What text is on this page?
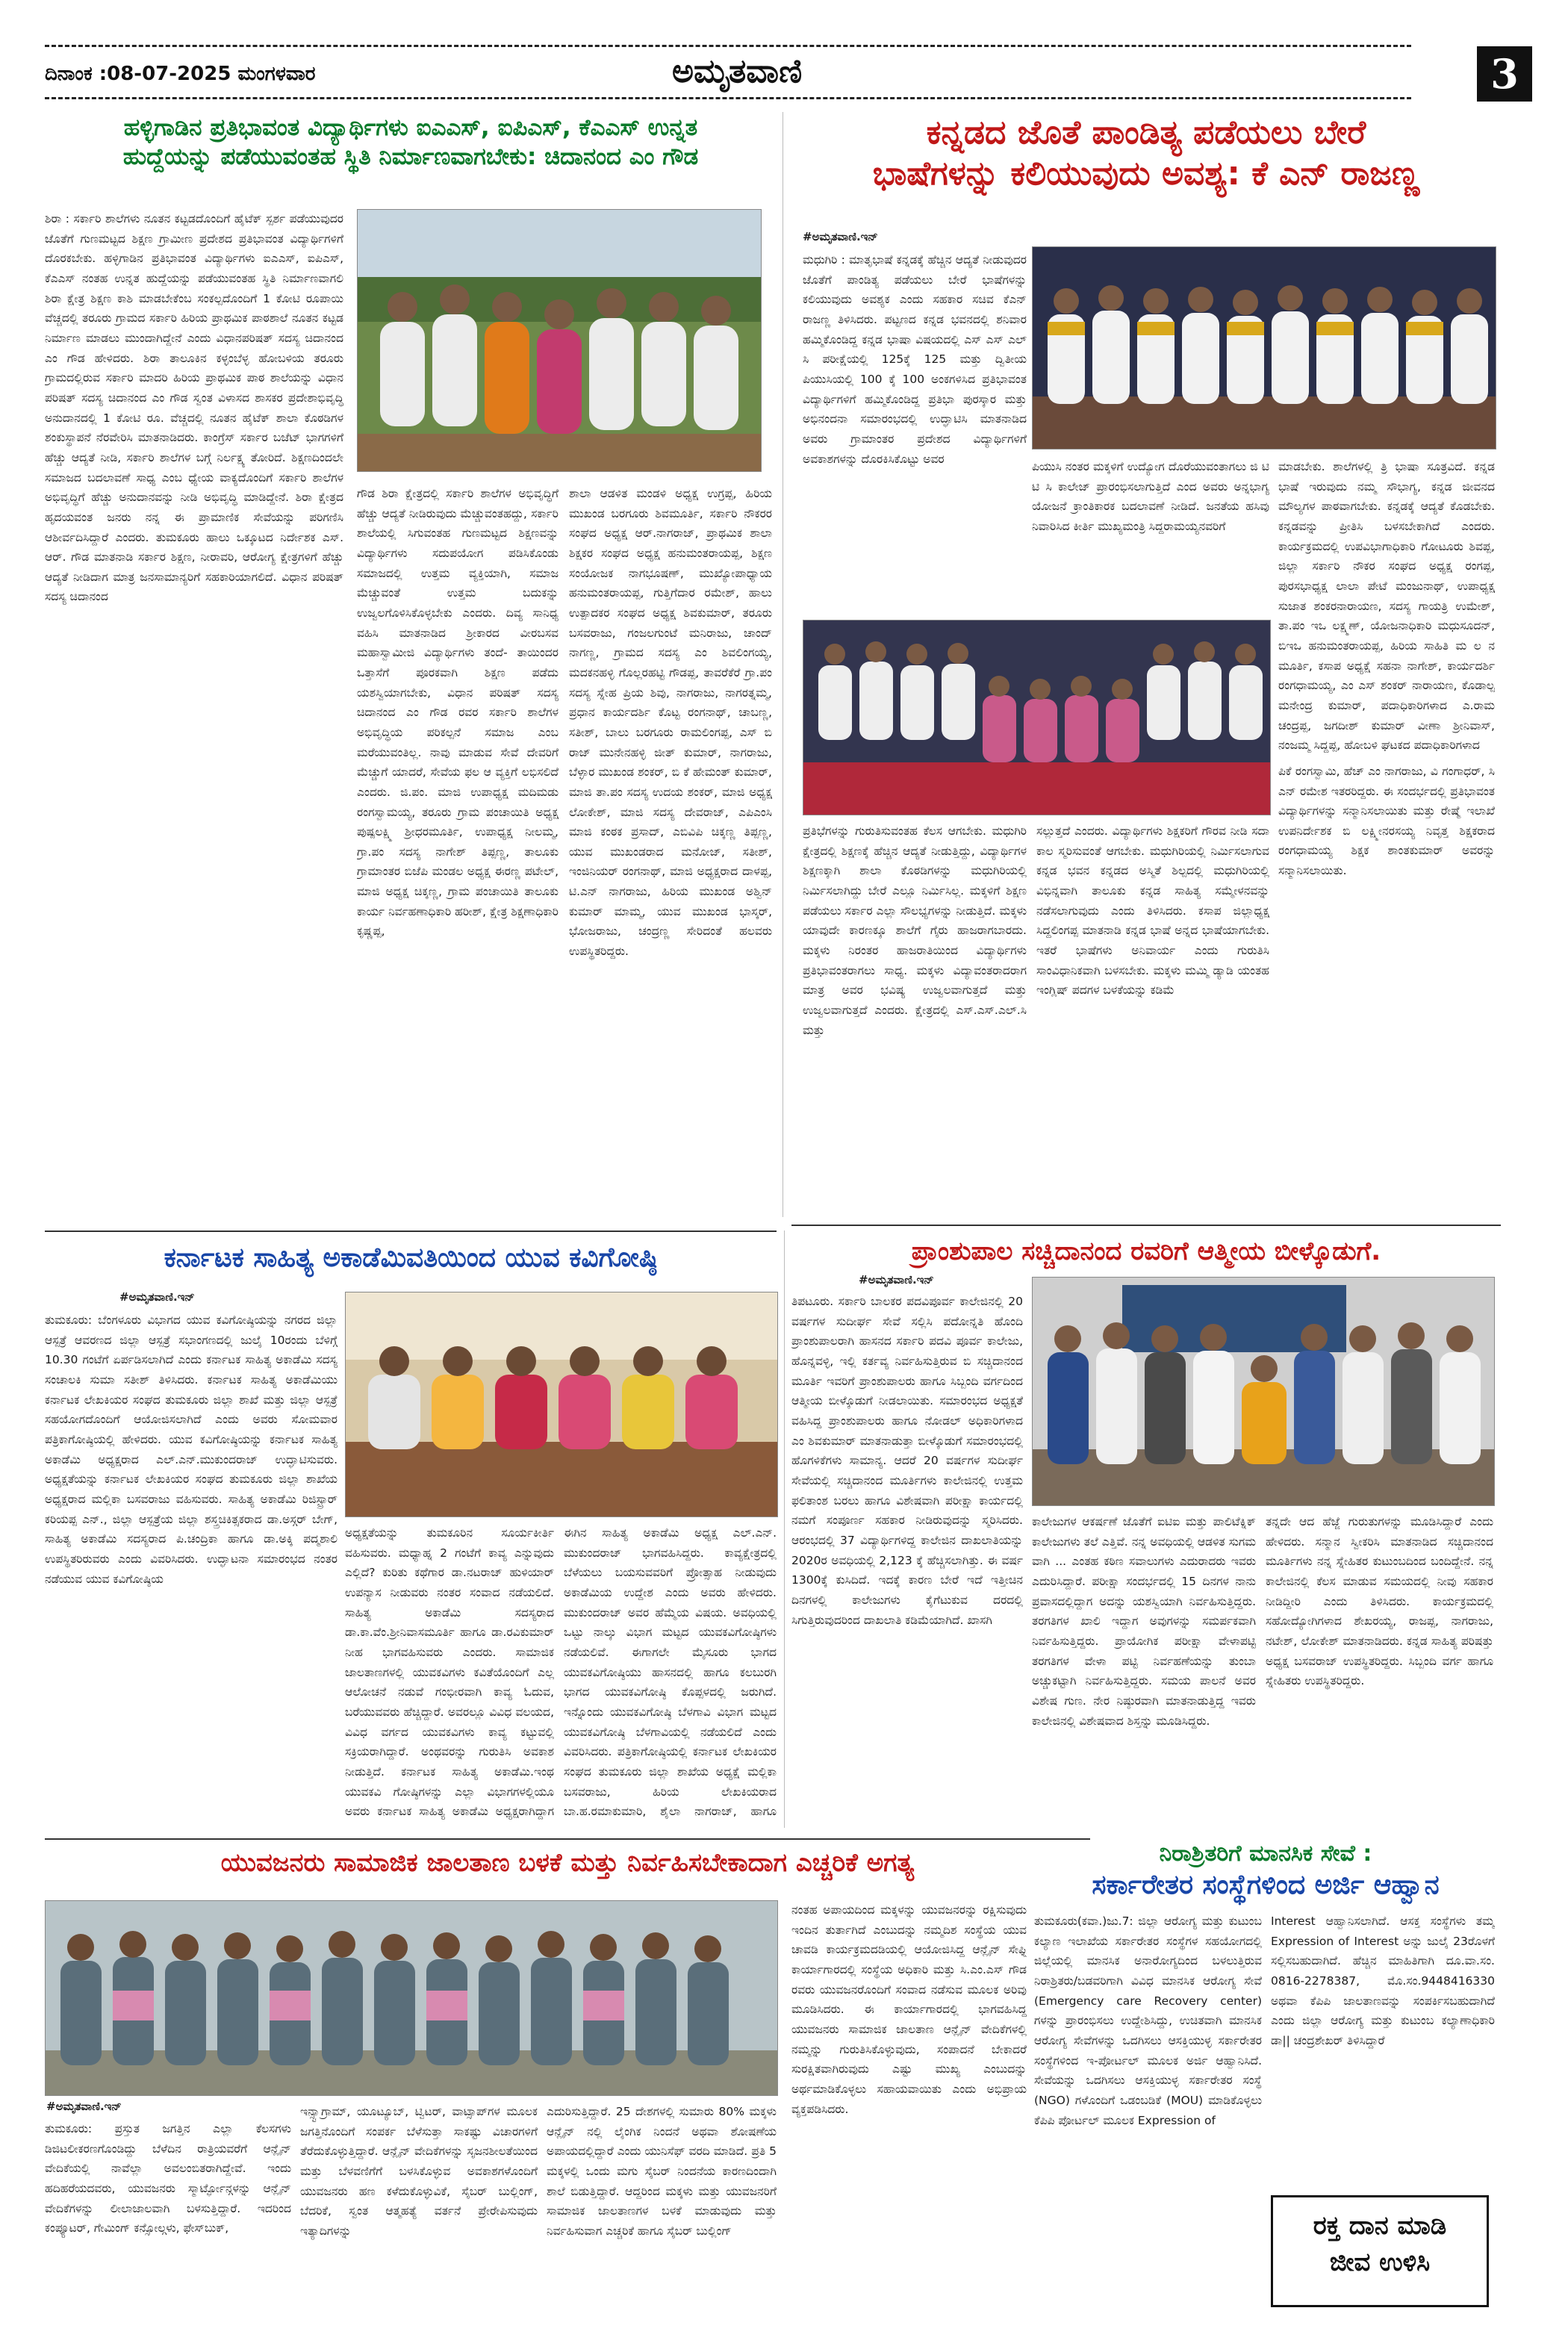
ದಿನಾಂಕ :08-07-2025 ಮಂಗಳವಾರ	ಅಮೃತವಾಣಿ	3
ಹಳ್ಳಿಗಾಡಿನ ಪ್ರತಿಭಾವಂತ ವಿದ್ಯಾರ್ಥಿಗಳು ಐಎಎಸ್, ಐಪಿಎಸ್, ಕೆಎಎಸ್ ಉನ್ನತ
ಹುದ್ದೆಯನ್ನು ಪಡೆಯುವಂತಹ ಸ್ಥಿತಿ ನಿರ್ಮಾಣವಾಗಬೇಕು: ಚಿದಾನಂದ ಎಂ ಗೌಡ
ಶಿರಾ : ಸರ್ಕಾರಿ ಶಾಲೆಗಳು ನೂತನ ಕಟ್ಟಡದೊಂದಿಗೆ ಹೈಟೆಕ್ ಸ್ಪರ್ಶ ಪಡೆಯುವುದರ ಜೊತೆಗೆ ಗುಣಮಟ್ಟದ ಶಿಕ್ಷಣ ಗ್ರಾಮೀಣ ಪ್ರದೇಶದ ಪ್ರತಿಭಾವಂತ ವಿದ್ಯಾರ್ಥಿಗಳಿಗೆ ದೊರಕಬೇಕು. ಹಳ್ಳಿಗಾಡಿನ ಪ್ರತಿಭಾವಂತ ವಿದ್ಯಾರ್ಥಿಗಳು ಐಎಎಸ್, ಐಪಿಎಸ್, ಕೆಎಎಸ್ ನಂತಹ ಉನ್ನತ ಹುದ್ದೆಯನ್ನು ಪಡೆಯುವಂತಹ ಸ್ಥಿತಿ ನಿರ್ಮಾಣವಾಗಲಿ ಶಿರಾ ಕ್ಷೇತ್ರ ಶಿಕ್ಷಣ ಕಾಶಿ ಮಾಡಬೇಕೆಂಬ ಸಂಕಲ್ಪದೊಂದಿಗೆ 1 ಕೋಟಿ ರೂಪಾಯಿ ವೆಚ್ಚದಲ್ಲಿ ತರೂರು ಗ್ರಾಮದ ಸರ್ಕಾರಿ ಹಿರಿಯ ಪ್ರಾಥಮಿಕ ಪಾಠಶಾಲೆ ನೂತನ ಕಟ್ಟಡ ನಿರ್ಮಾಣ ಮಾಡಲು ಮುಂದಾಗಿದ್ದೇನೆ ಎಂದು ವಿಧಾನಪರಿಷತ್ ಸದಸ್ಯ ಚಿದಾನಂದ ಎಂ ಗೌಡ ಹೇಳಿದರು. ಶಿರಾ ತಾಲೂಕಿನ ಕಳ್ಳಂಬೆಳ್ಳ ಹೋಬಳಿಯ ತರೂರು ಗ್ರಾಮದಲ್ಲಿರುವ ಸರ್ಕಾರಿ ಮಾದರಿ ಹಿರಿಯ ಪ್ರಾಥಮಿಕ ಪಾಠ ಶಾಲೆಯನ್ನು ವಿಧಾನ ಪರಿಷತ್ ಸದಸ್ಯ ಚಿದಾನಂದ ಎಂ ಗೌಡ ಸ್ವಂತ ವಿಳಾಸದ ಶಾಸಕರ ಪ್ರದೇಶಾಭಿವೃದ್ಧಿ ಅನುದಾನದಲ್ಲಿ 1 ಕೋಟಿ ರೂ. ವೆಚ್ಚದಲ್ಲಿ ನೂತನ ಹೈಟೆಕ್ ಶಾಲಾ ಕೊಠಡಿಗಳ ಶಂಕುಸ್ಥಾಪನೆ ನೆರವೇರಿಸಿ ಮಾತನಾಡಿದರು. ಕಾಂಗ್ರೆಸ್ ಸರ್ಕಾರ ಬಜೆಟ್ ಭಾಗಗಳಿಗೆ ಹೆಚ್ಚು ಆದ್ಯತೆ ನೀಡಿ, ಸರ್ಕಾರಿ ಶಾಲೆಗಳ ಬಗ್ಗೆ ನಿರ್ಲಕ್ಷ್ಯ ತೋರಿದೆ. ಶಿಕ್ಷಣದಿಂದಲೇ ಸಮಾಜದ ಬದಲಾವಣೆ ಸಾಧ್ಯ ಎಂಬ ಧ್ಯೇಯ ವಾಕ್ಯದೊಂದಿಗೆ ಸರ್ಕಾರಿ ಶಾಲೆಗಳ ಅಭಿವೃದ್ಧಿಗೆ ಹೆಚ್ಚು ಅನುದಾನವನ್ನು ನೀಡಿ ಅಭಿವೃದ್ಧಿ ಮಾಡಿದ್ದೇನೆ. ಶಿರಾ ಕ್ಷೇತ್ರದ ಹೃದಯವಂತ ಜನರು ನನ್ನ ಈ ಪ್ರಾಮಾಣಿಕ ಸೇವೆಯನ್ನು ಪರಿಗಣಿಸಿ ಆಶೀರ್ವದಿಸಿದ್ದಾರೆ ಎಂದರು. ತುಮಕೂರು ಹಾಲು ಒಕ್ಕೂಟದ ನಿರ್ದೇಶಕ ಎಸ್. ಆರ್. ಗೌಡ ಮಾತನಾಡಿ ಸರ್ಕಾರ ಶಿಕ್ಷಣ, ನೀರಾವರಿ, ಆರೋಗ್ಯ ಕ್ಷೇತ್ರಗಳಿಗೆ ಹೆಚ್ಚು ಆದ್ಯತೆ ನೀಡಿದಾಗ ಮಾತ್ರ ಜನಸಾಮಾನ್ಯರಿಗೆ ಸಹಕಾರಿಯಾಗಲಿದೆ. ವಿಧಾನ ಪರಿಷತ್ ಸದಸ್ಯ ಚಿದಾನಂದ
ಗೌಡ ಶಿರಾ ಕ್ಷೇತ್ರದಲ್ಲಿ ಸರ್ಕಾರಿ ಶಾಲೆಗಳ ಅಭಿವೃದ್ಧಿಗೆ ಹೆಚ್ಚು ಆದ್ಯತೆ ನೀಡಿರುವುದು ಮೆಚ್ಚುವಂತಹದ್ದು, ಸರ್ಕಾರಿ ಶಾಲೆಯಲ್ಲಿ ಸಿಗುವಂತಹ ಗುಣಮಟ್ಟದ ಶಿಕ್ಷಣವನ್ನು ವಿದ್ಯಾರ್ಥಿಗಳು ಸದುಪಯೋಗ ಪಡಿಸಿಕೊಂಡು ಸಮಾಜದಲ್ಲಿ ಉತ್ತಮ ವ್ಯಕ್ತಿಯಾಗಿ, ಸಮಾಜ ಮೆಚ್ಚುವಂತೆ ಉತ್ತಮ ಬದುಕನ್ನು ಉಜ್ವಲಗೊಳಿಸಿಕೊಳ್ಳಬೇಕು ಎಂದರು. ದಿವ್ಯ ಸಾನಿಧ್ಯ ವಹಿಸಿ ಮಾತನಾಡಿದ ಶ್ರೀಕಾರದ ವೀರಬಸವ ಮಹಾಸ್ವಾಮೀಜಿ ವಿದ್ಯಾರ್ಥಿಗಳು ತಂದೆ- ತಾಯಿಂದರ ಒತ್ತಾಸೆಗೆ ಪೂರಕವಾಗಿ ಶಿಕ್ಷಣ ಪಡೆದು ಯಶಸ್ವಿಯಾಗಬೇಕು, ವಿಧಾನ ಪರಿಷತ್ ಸದಸ್ಯ ಚಿದಾನಂದ ಎಂ ಗೌಡ ರವರ ಸರ್ಕಾರಿ ಶಾಲೆಗಳ ಅಭಿವೃದ್ಧಿಯ ಪರಿಕಲ್ಪನೆ ಸಮಾಜ ಎಂಬ ಮರೆಯುವಂತಿಲ್ಲ. ನಾವು ಮಾಡುವ ಸೇವೆ ದೇವರಿಗೆ ಮೆಚ್ಚುಗೆ ಯಾದರೆ, ಸೇವೆಯ ಫಲ ಆ ವ್ಯಕ್ತಿಗೆ ಲಭಿಸಲಿದೆ ಎಂದರು. ಜಿ.ಪಂ. ಮಾಜಿ ಉಪಾಧ್ಯಕ್ಷ ಮದಿಮಡು ರಂಗಸ್ವಾಮಯ್ಯ, ತರೂರು ಗ್ರಾಮ ಪಂಚಾಯಿತಿ ಅಧ್ಯಕ್ಷ ಪುಷ್ಪಲಕ್ಷ್ಮಿ ಶ್ರೀಧರಮೂರ್ತಿ, ಉಪಾಧ್ಯಕ್ಷ ನೀಲಮ್ಮ, ಗ್ರಾ.ಪಂ ಸದಸ್ಯ ನಾಗೇಶ್ ತಿಪ್ಪಣ್ಣ, ತಾಲೂಕು ಗ್ರಾಮಾಂತರ ಬಿಜೆಪಿ ಮಂಡಲ ಅಧ್ಯಕ್ಷ ಈರಣ್ಣ ಪಟೇಲ್, ಮಾಜಿ ಅಧ್ಯಕ್ಷ ಚಿಕ್ಕಣ್ಣ, ಗ್ರಾಮ ಪಂಚಾಯಿತಿ ತಾಲೂಕು ಕಾರ್ಯ ನಿರ್ವಹಣಾಧಿಕಾರಿ ಹರೀಶ್, ಕ್ಷೇತ್ರ ಶಿಕ್ಷಣಾಧಿಕಾರಿ ಕೃಷ್ಣಪ್ಪ,
ಶಾಲಾ ಆಡಳಿತ ಮಂಡಳಿ ಅಧ್ಯಕ್ಷ ಉಗ್ರಪ್ಪ, ಹಿರಿಯ ಮುಖಂಡ ಬರಗೂರು ಶಿವಮೂರ್ತಿ, ಸರ್ಕಾರಿ ನೌಕರರ ಸಂಘದ ಅಧ್ಯಕ್ಷ ಆರ್.ನಾಗರಾಜ್, ಪ್ರಾಥಮಿಕ ಶಾಲಾ ಶಿಕ್ಷಕರ ಸಂಘದ ಅಧ್ಯಕ್ಷ ಹನುಮಂತರಾಯಪ್ಪ, ಶಿಕ್ಷಣ ಸಂಯೋಜಕ ನಾಗಭೂಷಣ್, ಮುಖ್ಯೋಪಾಧ್ಯಾಯ ಹನುಮಂತರಾಯಪ್ಪ, ಗುತ್ತಿಗೆದಾರ ರಮೇಶ್, ಹಾಲು ಉತ್ಪಾದಕರ ಸಂಘದ ಅಧ್ಯಕ್ಷ ಶಿವಕುಮಾರ್, ತರೂರು ಬಸವರಾಜು, ಗಂಜಲಗುಂಟೆ ಮನಿರಾಜು, ಚಾಂದ್ ನಾಗಣ್ಣ, ಗ್ರಾಮದ ಸದಸ್ಯ ಎಂ ಶಿವಲಿಂಗಯ್ಯ, ಮದಕನಹಳ್ಳಿ ಗೊಲ್ಲರಹಟ್ಟಿ ಗೌಡಪ್ಪ, ತಾವರೆಕೆರೆ ಗ್ರಾ.ಪಂ ಸದಸ್ಯ ಸ್ನೇಹ ಪ್ರಿಯ ಶಿವು, ನಾಗರಾಜು, ನಾಗರತ್ನಮ್ಮ, ಪ್ರಧಾನ ಕಾರ್ಯದರ್ಶಿ ಕೊಟ್ಟ ರಂಗನಾಥ್, ಚಾಬಣ್ಣ, ಸತೀಶ್, ಬಾಲು ಬರಗೂರು ರಾಮಲಿಂಗಪ್ಪ, ಎಸ್ ಬಿ ರಾಜ್ ಮುನೇನಹಳ್ಳಿ ಜೀತ್ ಕುಮಾರ್, ನಾಗರಾಜು, ಬೆಳ್ಳಾರ ಮುಖಂಡ ಶಂಕರ್, ಬಿ ಕೆ ಹೇಮಂತ್ ಕುಮಾರ್, ಮಾಜಿ ತಾ.ಪಂ ಸದಸ್ಯ ಉದಯ ಶಂಕರ್, ಮಾಜಿ ಅಧ್ಯಕ್ಷ ಲೋಕೇಶ್, ಮಾಜಿ ಸದಸ್ಯ ದೇವರಾಜ್, ಎಪಿಎಂಸಿ ಮಾಜಿ ಕಂಠಕ ಪ್ರಸಾದ್, ಎಬಿವಿಪಿ ಚಿಕ್ಕಣ್ಣ ತಿಪ್ಪಣ್ಣ, ಯುವ ಮುಖಂಡರಾದ ಮನೋಜ್, ಸತೀಶ್, ಇಂಜಿನಿಯರ್ ರಂಗನಾಥ್, ಮಾಜಿ ಅಧ್ಯಕ್ಷರಾದ ದಾಳಪ್ಪ, ಟಿ.ಎನ್ ನಾಗರಾಜು, ಹಿರಿಯ ಮುಖಂಡ ಅಶ್ವಿನ್ ಕುಮಾರ್ ಮಾಮ್ಮ, ಯುವ ಮುಖಂಡ ಭಾಸ್ಕರ್, ಭೋಜರಾಜು, ಚಂದ್ರಣ್ಣ ಸೇರಿದಂತೆ ಹಲವರು ಉಪಸ್ಥಿತರಿದ್ದರು.
ಕನ್ನಡದ ಜೊತೆ ಪಾಂಡಿತ್ಯ ಪಡೆಯಲು ಬೇರೆ
ಭಾಷೆಗಳನ್ನು ಕಲಿಯುವುದು ಅವಶ್ಯ: ಕೆ ಎನ್ ರಾಜಣ್ಣ
#ಅಮೃತವಾಣಿ.ಇನ್
ಮಧುಗಿರಿ : ಮಾತೃಭಾಷೆ ಕನ್ನಡಕ್ಕೆ ಹೆಚ್ಚಿನ ಆದ್ಯತೆ ನೀಡುವುದರ ಜೊತೆಗೆ ಪಾಂಡಿತ್ಯ ಪಡೆಯಲು ಬೇರೆ ಭಾಷೆಗಳನ್ನು ಕಲಿಯುವುದು ಅವಶ್ಯಕ ಎಂದು ಸಹಕಾರ ಸಚಿವ ಕೆಎನ್ ರಾಜಣ್ಣ ತಿಳಿಸಿದರು. ಪಟ್ಟಣದ ಕನ್ನಡ ಭವನದಲ್ಲಿ ಶನಿವಾರ ಹಮ್ಮಿಕೊಂಡಿದ್ದ ಕನ್ನಡ ಭಾಷಾ ವಿಷಯದಲ್ಲಿ ಎಸ್ ಎಸ್ ಎಲ್ ಸಿ ಪರೀಕ್ಷೆಯಲ್ಲಿ 125ಕ್ಕೆ 125 ಮತ್ತು ದ್ವಿತೀಯ ಪಿಯುಸಿಯಲ್ಲಿ 100 ಕ್ಕೆ 100 ಅಂಕಗಳಿಸಿದ ಪ್ರತಿಭಾವಂತ ವಿದ್ಯಾರ್ಥಿಗಳಿಗೆ ಹಮ್ಮಿಕೊಂಡಿದ್ದ ಪ್ರತಿಭಾ ಪುರಸ್ಕಾರ ಮತ್ತು ಅಭಿನಂದನಾ ಸಮಾರಂಭದಲ್ಲಿ ಉದ್ಘಾಟಿಸಿ ಮಾತನಾಡಿದ ಅವರು ಗ್ರಾಮಾಂತರ ಪ್ರದೇಶದ ವಿದ್ಯಾರ್ಥಿಗಳಿಗೆ ಅವಕಾಶಗಳನ್ನು ದೊರಕಿಸಿಕೊಟ್ಟು ಅವರ
ಪಿಯುಸಿ ನಂತರ ಮಕ್ಕಳಿಗೆ ಉದ್ಯೋಗ ದೊರೆಯುವಂತಾಗಲು ಜಿ ಟಿ ಟಿ ಸಿ ಕಾಲೇಜ್ ಪ್ರಾರಂಭಿಸಲಾಗುತ್ತಿದೆ ಎಂದ ಅವರು ಅನ್ನಭಾಗ್ಯ ಯೋಜನೆ ಕ್ರಾಂತಿಕಾರಕ ಬದಲಾವಣೆ ನೀಡಿದೆ. ಜನತೆಯ ಹಸಿವು ನಿವಾರಿಸಿದ ಕೀರ್ತಿ ಮುಖ್ಯಮಂತ್ರಿ ಸಿದ್ದರಾಮಯ್ಯನವರಿಗೆ
ಮಾಡಬೇಕು. ಶಾಲೆಗಳಲ್ಲಿ ತ್ರಿ ಭಾಷಾ ಸೂತ್ರವಿದೆ. ಕನ್ನಡ ಭಾಷೆ ಇರುವುದು ನಮ್ಮ ಸೌಭಾಗ್ಯ, ಕನ್ನಡ ಜೀವನದ ಮೌಲ್ಯಗಳ ಪಾಠವಾಗಬೇಕು. ಕನ್ನಡಕ್ಕೆ ಆದ್ಯತೆ ಕೊಡಬೇಕು. ಕನ್ನಡವನ್ನು ಪ್ರೀತಿಸಿ ಬಳಸಬೇಕಾಗಿದೆ ಎಂದರು. ಕಾರ್ಯಕ್ರಮದಲ್ಲಿ ಉಪವಿಭಾಗಾಧಿಕಾರಿ ಗೋಟೂರು ಶಿವಪ್ಪ, ಜಿಲ್ಲಾ ಸರ್ಕಾರಿ ನೌಕರ ಸಂಘದ ಅಧ್ಯಕ್ಷ ರಂಗಪ್ಪ, ಪುರಸಭಾಧ್ಯಕ್ಷ ಲಾಲಾ ಪೇಟೆ ಮಂಜುನಾಥ್, ಉಪಾಧ್ಯಕ್ಷ ಸುಜಾತ ಶಂಕರನಾರಾಯಣ, ಸದಸ್ಯ ಗಾಯತ್ರಿ ಉಮೇಶ್, ತಾ.ಪಂ ಇಒ ಲಕ್ಷ್ಮಣ್, ಯೋಜನಾಧಿಕಾರಿ ಮಧುಸೂದನ್, ಬಿಇಒ ಹನುಮಂತರಾಯಪ್ಪ, ಹಿರಿಯ ಸಾಹಿತಿ ಮ ಲ ನ ಮೂರ್ತಿ, ಕಸಾಪ ಅಧ್ಯಕ್ಷೆ ಸಹನಾ ನಾಗೇಶ್, ಕಾರ್ಯದರ್ಶಿ ರಂಗಧಾಮಯ್ಯ, ಎಂ ಎಸ್ ಶಂಕರ್ ನಾರಾಯಣ, ಕೊಡಾಲ್ಪ ಮನೇಂದ್ರ ಕುಮಾರ್, ಪದಾಧಿಕಾರಿಗಳಾದ ಎ.ರಾಮ ಚಂದ್ರಪ್ಪ, ಜಗದೀಶ್ ಕುಮಾರ್ ವೀಣಾ ಶ್ರೀನಿವಾಸ್, ನಂಜಮ್ಮ ಸಿದ್ದಪ್ಪ, ಹೋಬಳಿ ಘಟಕದ ಪದಾಧಿಕಾರಿಗಳಾದ
ಪಿಕೆ ರಂಗಸ್ವಾಮಿ, ಹೆಚ್ ಎಂ ನಾಗರಾಜು, ವಿ ಗಂಗಾಧರ್, ಸಿ ಎನ್ ರಮೇಶ ಇತರರಿದ್ದರು. ಈ ಸಂದರ್ಭದಲ್ಲಿ ಪ್ರತಿಭಾವಂತ ವಿದ್ಯಾರ್ಥಿಗಳನ್ನು ಸನ್ಮಾನಿಸಲಾಯಿತು ಮತ್ತು ರೇಷ್ಮೆ ಇಲಾಖೆ ಉಪನಿರ್ದೇಶಕ ಬಿ ಲಕ್ಷ್ಮೀನರಸಯ್ಯ ನಿವೃತ್ತ ಶಿಕ್ಷಕರಾದ ರಂಗಧಾಮಯ್ಯ ಶಿಕ್ಷಕ ಶಾಂತಕುಮಾರ್ ಅವರನ್ನು ಸನ್ಮಾನಿಸಲಾಯಿತು.
ಪ್ರತಿಭೆಗಳನ್ನು ಗುರುತಿಸುವಂತಹ ಕೆಲಸ ಆಗಬೇಕು. ಮಧುಗಿರಿ ಕ್ಷೇತ್ರದಲ್ಲಿ ಶಿಕ್ಷಣಕ್ಕೆ ಹೆಚ್ಚಿನ ಆದ್ಯತೆ ನೀಡುತ್ತಿದ್ದು, ವಿದ್ಯಾರ್ಥಿಗಳ ಶಿಕ್ಷಣಕ್ಕಾಗಿ ಶಾಲಾ ಕೊಠಡಿಗಳನ್ನು ಮಧುಗಿರಿಯಲ್ಲಿ ನಿರ್ಮಿಸಲಾಗಿದ್ದು ಬೇರೆ ಎಲ್ಲೂ ನಿರ್ಮಿಸಿಲ್ಲ. ಮಕ್ಕಳಿಗೆ ಶಿಕ್ಷಣ ಪಡೆಯಲು ಸರ್ಕಾರ ಎಲ್ಲಾ ಸೌಲಭ್ಯಗಳನ್ನು ನೀಡುತ್ತಿದೆ. ಮಕ್ಕಳು ಯಾವುದೇ ಕಾರಣಕ್ಕೂ ಶಾಲೆಗೆ ಗೈರು ಹಾಜರಾಗಬಾರದು. ಮಕ್ಕಳು ನಿರಂತರ ಹಾಜರಾತಿಯಿಂದ ವಿದ್ಯಾರ್ಥಿಗಳು ಪ್ರತಿಭಾವಂತರಾಗಲು ಸಾಧ್ಯ. ಮಕ್ಕಳು ವಿದ್ಯಾವಂತರಾದರಾಗ ಮಾತ್ರ ಅವರ ಭವಿಷ್ಯ ಉಜ್ವಲವಾಗುತ್ತದೆ ಮತ್ತು ಉಜ್ವಲವಾಗುತ್ತದೆ ಎಂದರು. ಕ್ಷೇತ್ರದಲ್ಲಿ ಎಸ್.ಎಸ್.ಎಲ್.ಸಿ ಮತ್ತು
ಸಲ್ಲುತ್ತದೆ ಎಂದರು. ವಿದ್ಯಾರ್ಥಿಗಳು ಶಿಕ್ಷಕರಿಗೆ ಗೌರವ ನೀಡಿ ಸದಾ ಕಾಲ ಸ್ಮರಿಸುವಂತೆ ಆಗಬೇಕು. ಮಧುಗಿರಿಯಲ್ಲಿ ನಿರ್ಮಿಸಲಾಗುವ ಕನ್ನಡ ಭವನ ಕನ್ನಡದ ಅಸ್ಮಿತೆ ಶಿಲ್ಪದಲ್ಲಿ ಮಧುಗಿರಿಯಲ್ಲಿ ವಿಭಿನ್ನವಾಗಿ ತಾಲೂಕು ಕನ್ನಡ ಸಾಹಿತ್ಯ ಸಮ್ಮೇಳನವನ್ನು ನಡೆಸಲಾಗುವುದು ಎಂದು ತಿಳಿಸಿದರು. ಕಸಾಪ ಜಿಲ್ಲಾಧ್ಯಕ್ಷ ಸಿದ್ದಲಿಂಗಪ್ಪ ಮಾತನಾಡಿ ಕನ್ನಡ ಭಾಷೆ ಅನ್ನದ ಭಾಷೆಯಾಗಬೇಕು. ಇತರೆ ಭಾಷೆಗಳು ಅನಿವಾರ್ಯ ಎಂದು ಗುರುತಿಸಿ ಸಾಂವಿಧಾನಿಕವಾಗಿ ಬಳಸಬೇಕು. ಮಕ್ಕಳು ಮಮ್ಮಿ ಡ್ಯಾಡಿ ಯಂತಹ ಇಂಗ್ಲಿಷ್ ಪದಗಳ ಬಳಕೆಯನ್ನು ಕಡಿಮೆ
ಕರ್ನಾಟಕ ಸಾಹಿತ್ಯ ಅಕಾಡೆಮಿವತಿಯಿಂದ ಯುವ ಕವಿಗೋಷ್ಠಿ
#ಅಮೃತವಾಣಿ.ಇನ್
ತುಮಕೂರು: ಬೆಂಗಳೂರು ವಿಭಾಗದ ಯುವ ಕವಿಗೋಷ್ಠಿಯನ್ನು ನಗರದ ಜಿಲ್ಲಾ ಆಸ್ಪತ್ರೆ ಆವರಣದ ಜಿಲ್ಲಾ ಆಸ್ಪತ್ರೆ ಸಭಾಂಗಣದಲ್ಲಿ ಜುಲೈ 10ರಂದು ಬೆಳಿಗ್ಗೆ 10.30 ಗಂಟೆಗೆ ಏರ್ಪಡಿಸಲಾಗಿದೆ ಎಂದು ಕರ್ನಾಟಕ ಸಾಹಿತ್ಯ ಅಕಾಡೆಮಿ ಸದಸ್ಯ ಸಂಚಾಲಕಿ ಸುಮಾ ಸತೀಶ್ ತಿಳಿಸಿದರು. ಕರ್ನಾಟಕ ಸಾಹಿತ್ಯ ಅಕಾಡೆಮಿಯು ಕರ್ನಾಟಕ ಲೇಖಕಿಯರ ಸಂಘದ ತುಮಕೂರು ಜಿಲ್ಲಾ ಶಾಖೆ ಮತ್ತು ಜಿಲ್ಲಾ ಆಸ್ಪತ್ರೆ ಸಹಯೋಗದೊಂದಿಗೆ ಆಯೋಜಿಸಲಾಗಿದೆ ಎಂದು ಅವರು ಸೋಮವಾರ ಪತ್ರಿಕಾಗೋಷ್ಠಿಯಲ್ಲಿ ಹೇಳಿದರು. ಯುವ ಕವಿಗೋಷ್ಠಿಯನ್ನು ಕರ್ನಾಟಕ ಸಾಹಿತ್ಯ ಅಕಾಡೆಮಿ ಅಧ್ಯಕ್ಷರಾದ ಎಲ್.ಎನ್.ಮುಕುಂದರಾಜ್ ಉದ್ಘಾಟಿಸುವರು. ಅಧ್ಯಕ್ಷತೆಯನ್ನು ಕರ್ನಾಟಕ ಲೇಖಕಿಯರ ಸಂಘದ ತುಮಕೂರು ಜಿಲ್ಲಾ ಶಾಖೆಯ ಅಧ್ಯಕ್ಷರಾದ ಮಲ್ಲಿಕಾ ಬಸವರಾಜು ವಹಿಸುವರು. ಸಾಹಿತ್ಯ ಅಕಾಡೆಮಿ ರಿಜಿಸ್ಟ್ರಾರ್ ಕರಿಯಪ್ಪ ಎನ್., ಜಿಲ್ಲಾ ಆಸ್ಪತ್ರೆಯ ಜಿಲ್ಲಾ ಶಸ್ತ್ರಚಿಕಿತ್ಸಕರಾದ ಡಾ.ಅಸ್ಗರ್ ಬೇಗ್, ಸಾಹಿತ್ಯ ಅಕಾಡೆಮಿ ಸದಸ್ಯರಾದ ಪಿ.ಚಂದ್ರಿಕಾ ಹಾಗೂ ಡಾ.ಅಕ್ಕಿ ಪದ್ಮಶಾಲಿ ಉಪಸ್ಥಿತರಿರುವರು ಎಂದು ವಿವರಿಸಿದರು. ಉದ್ಘಾಟನಾ ಸಮಾರಂಭದ ನಂತರ ನಡೆಯುವ ಯುವ ಕವಿಗೋಷ್ಠಿಯ
ಅಧ್ಯಕ್ಷತೆಯನ್ನು ತುಮಕೂರಿನ ಸೂರ್ಯಕೀರ್ತಿ ವಹಿಸುವರು. ಮಧ್ಯಾಹ್ನ 2 ಗಂಟೆಗೆ ಕಾವ್ಯ ಎನ್ನುವುದು ಎಲ್ಲಿದೆ? ಕುರಿತು ಕಥೆಗಾರ ಡಾ.ನಟರಾಜ್ ಹುಳಿಯಾರ್ ಉಪನ್ಯಾಸ ನೀಡುವರು ನಂತರ ಸಂವಾದ ನಡೆಯಲಿದೆ. ಸಾಹಿತ್ಯ ಅಕಾಡೆಮಿ ಸದಸ್ಯರಾದ ಡಾ.ಕಾ.ವೆಂ.ಶ್ರೀನಿವಾಸಮೂರ್ತಿ ಹಾಗೂ ಡಾ.ರವಿಕುಮಾರ್ ನೀಹ ಭಾಗವಹಿಸುವರು ಎಂದರು. ಸಾಮಾಜಿಕ ಜಾಲತಾಣಗಳಲ್ಲಿ ಯುವಕವಿಗಳು ಕವಿತೆಯೊಂದಿಗೆ ಎಲ್ಲ ಆಲೋಚನೆ ನಡುವೆ ಗಂಭೀರವಾಗಿ ಕಾವ್ಯ ಓದುವ, ಬರೆಯುವವರು ಹೆಚ್ಚಿದ್ದಾರೆ. ಅವರಲ್ಲೂ ವಿವಿಧ ವಲಯದ, ವಿವಿಧ ವರ್ಗದ ಯುವಕವಿಗಳು ಕಾವ್ಯ ಕಟ್ಟುವಲ್ಲಿ ಸಕ್ರಿಯರಾಗಿದ್ದಾರೆ. ಅಂಥವರನ್ನು ಗುರುತಿಸಿ ಅವಕಾಶ ನೀಡುತ್ತಿದೆ. ಕರ್ನಾಟಕ ಸಾಹಿತ್ಯ ಅಕಾಡೆಮಿ.ಇಂಥ ಯುವಕವಿ ಗೋಷ್ಠಿಗಳನ್ನು ಎಲ್ಲಾ ವಿಭಾಗಗಳಲ್ಲಿಯೂ ಅವರು ಕರ್ನಾಟಕ ಸಾಹಿತ್ಯ ಅಕಾಡೆಮಿ ಅಧ್ಯಕ್ಷರಾಗಿದ್ದಾಗ
ಈಗಿನ ಸಾಹಿತ್ಯ ಅಕಾಡೆಮಿ ಅಧ್ಯಕ್ಷ ಎಲ್.ಎನ್. ಮುಕುಂದರಾಜ್ ಭಾಗವಹಿಸಿದ್ದರು. ಕಾವ್ಯಕ್ಷೇತ್ರದಲ್ಲಿ ಬೆಳೆಯಲು ಬಯಸುವವರಿಗೆ ಪ್ರೋತ್ಸಾಹ ನೀಡುವುದು ಅಕಾಡೆಮಿಯ ಉದ್ದೇಶ ಎಂದು ಅವರು ಹೇಳಿದರು. ಮುಕುಂದರಾಜ್ ಅವರ ಹೆಮ್ಮೆಯ ವಿಷಯ. ಅವಧಿಯಲ್ಲಿ ಒಟ್ಟು ನಾಲ್ಕು ವಿಭಾಗ ಮಟ್ಟದ ಯುವಕವಿಗೋಷ್ಠಿಗಳು ನಡೆಯಲಿವೆ. ಈಗಾಗಲೇ ಮೈಸೂರು ಭಾಗದ ಯುವಕವಿಗೋಷ್ಠಿಯು ಹಾಸನದಲ್ಲಿ ಹಾಗೂ ಕಲಬುರಗಿ ಭಾಗದ ಯುವಕವಿಗೋಷ್ಠಿ ಕೊಪ್ಪಳದಲ್ಲಿ ಜರುಗಿದೆ. ಇನ್ನೊಂದು ಯುವಕವಿಗೋಷ್ಠಿ ಬೆಳಗಾವಿ ವಿಭಾಗ ಮಟ್ಟದ ಯುವಕವಿಗೋಷ್ಠಿ ಬೆಳಗಾವಿಯಲ್ಲಿ ನಡೆಯಲಿದೆ ಎಂದು ವಿವರಿಸಿದರು. ಪತ್ರಿಕಾಗೋಷ್ಠಿಯಲ್ಲಿ ಕರ್ನಾಟಕ ಲೇಖಕಿಯರ ಸಂಘದ ತುಮಕೂರು ಜಿಲ್ಲಾ ಶಾಖೆಯ ಅಧ್ಯಕ್ಷೆ ಮಲ್ಲಿಕಾ ಬಸವರಾಜು, ಹಿರಿಯ ಲೇಖಕಿಯರಾದ ಬಾ.ಹ.ರಮಾಕುಮಾರಿ, ಶೈಲಾ ನಾಗರಾಜ್, ಹಾಗೂ
ಪ್ರಾಂಶುಪಾಲ ಸಚ್ಚಿದಾನಂದ ರವರಿಗೆ ಆತ್ಮೀಯ ಬೀಳ್ಕೊಡುಗೆ.
#ಅಮೃತವಾಣಿ.ಇನ್
ತಿಪಟೂರು. ಸರ್ಕಾರಿ ಬಾಲಕರ ಪದವಿಪೂರ್ವ ಕಾಲೇಜಿನಲ್ಲಿ 20 ವರ್ಷಗಳ ಸುದೀರ್ಘ ಸೇವೆ ಸಲ್ಲಿಸಿ ಪದೋನ್ನತಿ ಹೊಂದಿ ಪ್ರಾಂಶುಪಾಲರಾಗಿ ಹಾಸನದ ಸರ್ಕಾರಿ ಪದವಿ ಪೂರ್ವ ಕಾಲೇಜು, ಹೊನ್ನವಳ್ಳಿ, ಇಲ್ಲಿ ಕರ್ತವ್ಯ ನಿರ್ವಹಿಸುತ್ತಿರುವ ಬಿ ಸಚ್ಚಿದಾನಂದ ಮೂರ್ತಿ ಇವರಿಗೆ ಪ್ರಾಂಶುಪಾಲರು ಹಾಗೂ ಸಿಬ್ಬಂದಿ ವರ್ಗದಿಂದ ಆತ್ಮೀಯ ಬೀಳ್ಕೊಡುಗೆ ನೀಡಲಾಯಿತು. ಸಮಾರಂಭದ ಅಧ್ಯಕ್ಷತೆ ವಹಿಸಿದ್ದ ಪ್ರಾಂಶುಪಾಲರು ಹಾಗೂ ನೋಡಲ್ ಅಧಿಕಾರಿಗಳಾದ ಎಂ ಶಿವಕುಮಾರ್ ಮಾತನಾಡುತ್ತಾ ಬೀಳ್ಕೊಡುಗೆ ಸಮಾರಂಭದಲ್ಲಿ ಹೊಗಳಿಕೆಗಳು ಸಾಮಾನ್ಯ. ಆದರೆ 20 ವರ್ಷಗಳ ಸುದೀರ್ಘ ಸೇವೆಯಲ್ಲಿ ಸಚ್ಚಿದಾನಂದ ಮೂರ್ತಿಗಳು ಕಾಲೇಜಿನಲ್ಲಿ ಉತ್ತಮ ಫಲಿತಾಂಶ ಬರಲು ಹಾಗೂ ವಿಶೇಷವಾಗಿ ಪರೀಕ್ಷಾ ಕಾರ್ಯದಲ್ಲಿ ನಮಗೆ ಸಂಪೂರ್ಣ ಸಹಕಾರ ನೀಡಿರುವುದನ್ನು ಸ್ಮರಿಸಿದರು. ಆರಂಭದಲ್ಲಿ 37 ವಿದ್ಯಾರ್ಥಿಗಳಿದ್ದ ಕಾಲೇಜಿನ ದಾಖಲಾತಿಯನ್ನು 2020ರ ಅವಧಿಯಲ್ಲಿ 2,123 ಕ್ಕೆ ಹೆಚ್ಚಿಸಲಾಗಿತ್ತು. ಈ ವರ್ಷ 1300ಕ್ಕೆ ಕುಸಿದಿದೆ. ಇದಕ್ಕೆ ಕಾರಣ ಬೇರೆ ಇದೆ ಇತ್ತೀಚಿನ ದಿನಗಳಲ್ಲಿ ಕಾಲೇಜುಗಳು ಕೈಗೆಟುಕುವ ದರದಲ್ಲಿ ಸಿಗುತ್ತಿರುವುದರಿಂದ ದಾಖಲಾತಿ ಕಡಿಮೆಯಾಗಿದೆ. ಖಾಸಗಿ
ಕಾಲೇಜುಗಳ ಆಕರ್ಷಣೆ ಜೊತೆಗೆ ಐಟಿಐ ಮತ್ತು ಪಾಲಿಟೆಕ್ನಿಕ್ ಕಾಲೇಜುಗಳು ತಲೆ ಎತ್ತಿವೆ. ನನ್ನ ಅವಧಿಯಲ್ಲಿ ಆಡಳಿತ ಸುಗಮ ವಾಗಿ ... ಎಂತಹ ಕಠಿಣ ಸವಾಲುಗಳು ಎದುರಾದರು ಇವರು ಎದುರಿಸಿದ್ದಾರೆ. ಪರೀಕ್ಷಾ ಸಂದರ್ಭದಲ್ಲಿ 15 ದಿನಗಳ ನಾನು ಪ್ರವಾಸದಲ್ಲಿದ್ದಾಗ ಅದನ್ನು ಯಶಸ್ವಿಯಾಗಿ ನಿರ್ವಹಿಸುತ್ತಿದ್ದರು. ತರಗತಿಗಳ ಖಾಲಿ ಇದ್ದಾಗ ಅವುಗಳನ್ನು ಸಮರ್ಪಕವಾಗಿ ನಿರ್ವಹಿಸುತ್ತಿದ್ದರು. ಪ್ರಾಯೋಗಿಕ ಪರೀಕ್ಷಾ ವೇಳಾಪಟ್ಟಿ ತರಗತಿಗಳ ವೇಳಾ ಪಟ್ಟಿ ನಿರ್ವಹಣೆಯನ್ನು ತುಂಬಾ ಅಚ್ಚುಕಟ್ಟಾಗಿ ನಿರ್ವಹಿಸುತ್ತಿದ್ದರು. ಸಮಯ ಪಾಲನೆ ಅವರ ವಿಶೇಷ ಗುಣ. ನೇರ ನಿಷ್ಠುರವಾಗಿ ಮಾತನಾಡುತ್ತಿದ್ದ ಇವರು ಕಾಲೇಜಿನಲ್ಲಿ ವಿಶೇಷವಾದ ಶಿಸ್ತನ್ನು ಮೂಡಿಸಿದ್ದರು.
ತನ್ನದೇ ಆದ ಹೆಜ್ಜೆ ಗುರುತುಗಳನ್ನು ಮೂಡಿಸಿದ್ದಾರೆ ಎಂದು ಹೇಳಿದರು. ಸನ್ಮಾನ ಸ್ವೀಕರಿಸಿ ಮಾತನಾಡಿದ ಸಚ್ಚಿದಾನಂದ ಮೂರ್ತಿಗಳು ನನ್ನ ಸ್ನೇಹಿತರ ಕುಟುಂಬದಿಂದ ಬಂದಿದ್ದೇನೆ. ನನ್ನ ಕಾಲೇಜಿನಲ್ಲಿ ಕೆಲಸ ಮಾಡುವ ಸಮಯದಲ್ಲಿ ನೀವು ಸಹಕಾರ ನೀಡಿದ್ದೀರಿ ಎಂದು ತಿಳಿಸಿದರು. ಕಾರ್ಯಕ್ರಮದಲ್ಲಿ ಸಹೋದ್ಯೋಗಿಗಳಾದ ಶೇಖರಯ್ಯ, ರಾಜಪ್ಪ, ನಾಗರಾಜು, ನಟೇಶ್, ಲೋಕೇಶ್ ಮಾತನಾಡಿದರು. ಕನ್ನಡ ಸಾಹಿತ್ಯ ಪರಿಷತ್ತು ಅಧ್ಯಕ್ಷ ಬಸವರಾಜ್ ಉಪಸ್ಥಿತರಿದ್ದರು. ಸಿಬ್ಬಂದಿ ವರ್ಗ ಹಾಗೂ ಸ್ನೇಹಿತರು ಉಪಸ್ಥಿತರಿದ್ದರು.
ಯುವಜನರು ಸಾಮಾಜಿಕ ಜಾಲತಾಣ ಬಳಕೆ ಮತ್ತು ನಿರ್ವಹಿಸಬೇಕಾದಾಗ ಎಚ್ಚರಿಕೆ ಅಗತ್ಯ
#ಅಮೃತವಾಣಿ.ಇನ್
ತುಮಕೂರು: ಪ್ರಸ್ತುತ ಜಗತ್ತಿನ ಎಲ್ಲಾ ಕೆಲಸಗಳು ಡಿಜಿಟಲೀಕರಣಗೊಂಡಿದ್ದು ಬೆಳೆದಿನ ರಾತ್ರಿಯವರೆಗೆ ಆನ್ಲೈನ್ ವೇದಿಕೆಯಲ್ಲಿ ನಾವೆಲ್ಲಾ ಅವಲಂಬಿತರಾಗಿದ್ದೇವೆ. ಇಂದು ಹದಿಹರೆಯದವರು, ಯುವಜನರು ಸ್ಮಾರ್ಟ್ಫೋನ್ಗಳನ್ನು ಆನ್ಲೈನ್ ವೇದಿಕೆಗಳನ್ನು ಲೀಲಾಜಾಲವಾಗಿ ಬಳಸುತ್ತಿದ್ದಾರೆ. ಇದರಿಂದ ಕಂಪ್ಯೂಟರ್, ಗೇಮಿಂಗ್ ಕನ್ಸೋಲ್ಗಳು, ಫೇಸ್‌ಬುಕ್,
ಇನ್ಸ್ಟಾಗ್ರಾಮ್, ಯೂಟ್ಯೂಬ್, ಟ್ವಿಟರ್, ವಾಟ್ಸಾಪ್‌ಗಳ ಮೂಲಕ ಜಗತ್ತಿನೊಂದಿಗೆ ಸಂಪರ್ಕ ಬೆಳೆಸುತ್ತಾ ಸಾಕಷ್ಟು ವಿಚಾರಗಳಿಗೆ ತೆರೆದುಕೊಳ್ಳುತ್ತಿದ್ದಾರೆ. ಆನ್ಲೈನ್ ವೇದಿಕೆಗಳನ್ನು ಸೃಜನಶೀಲತೆಯಿಂದ ಮತ್ತು ಬೆಳವಣಿಗೆಗೆ ಬಳಸಿಕೊಳ್ಳುವ ಅವಕಾಶಗಳೊಂದಿಗೆ ಯುವಜನರು ಹಣ ಕಳೆದುಕೊಳ್ಳುವಿಕೆ, ಸೈಬರ್ ಬುಲ್ಲಿಂಗ್, ಬೆದರಿಕೆ, ಸ್ವಂತ ಆತ್ಮಹತ್ಯೆ ವರ್ತನೆ ಪ್ರೇರೇಪಿಸುವುದು ಇತ್ಯಾದಿಗಳನ್ನು
ಎದುರಿಸುತ್ತಿದ್ದಾರೆ. 25 ದೇಶಗಳಲ್ಲಿ ಸುಮಾರು 80% ಮಕ್ಕಳು ಆನ್ಲೈನ್ ನಲ್ಲಿ ಲೈಂಗಿಕ ನಿಂದನೆ ಅಥವಾ ಶೋಷಣೆಯ ಅಪಾಯದಲ್ಲಿದ್ದಾರೆ ಎಂದು ಯುನಿಸೆಫ್ ವರದಿ ಮಾಡಿದೆ. ಪ್ರತಿ 5 ಮಕ್ಕಳಲ್ಲಿ ಒಂದು ಮಗು ಸೈಬರ್ ನಿಂದನೆಯ ಕಾರಣದಿಂದಾಗಿ ಶಾಲೆ ಬಿಡುತ್ತಿದ್ದಾರೆ. ಆದ್ದರಿಂದ ಮಕ್ಕಳು ಮತ್ತು ಯುವಜನರಿಗೆ ಸಾಮಾಜಿಕ ಜಾಲತಾಣಗಳ ಬಳಕೆ ಮಾಡುವುದು ಮತ್ತು ನಿರ್ವಹಿಸುವಾಗ ಎಚ್ಚರಿಕೆ ಹಾಗೂ ಸೈಬರ್ ಬುಲ್ಲಿಂಗ್
ನಂತಹ ಅಪಾಯದಿಂದ ಮಕ್ಕಳನ್ನು ಯುವಜನರನ್ನು ರಕ್ಷಿಸುವುದು ಇಂದಿನ ತುರ್ತಾಗಿದೆ ಎಂಬುದನ್ನು ನಮ್ಮದಿಶ ಸಂಸ್ಥೆಯ ಯುವ ಚಾವಡಿ ಕಾರ್ಯಕ್ರಮದಡಿಯಲ್ಲಿ ಆಯೋಜಿಸಿದ್ದ ಆನ್ಲೈನ್ ಸೇಫ್ಟಿ ಕಾರ್ಯಾಗಾರದಲ್ಲಿ ಸಂಸ್ಥೆಯ ಅಧಿಕಾರಿ ಮತ್ತು ಸಿ.ಎಂ.ಎಸ್ ಗೌಡ ರವರು ಯುವಜನರೊಂದಿಗೆ ಸಂವಾದ ನಡೆಸುವ ಮೂಲಕ ಅರಿವು ಮೂಡಿಸಿದರು. ಈ ಕಾರ್ಯಾಗಾರದಲ್ಲಿ ಭಾಗವಹಿಸಿದ್ದ ಯುವಜನರು ಸಾಮಾಜಿಕ ಜಾಲತಾಣ ಆನ್ಲೈನ್ ವೇದಿಕೆಗಳಲ್ಲಿ ನಮ್ಮನ್ನು ಗುರುತಿಸಿಕೊಳ್ಳುವುದು, ಸಂಪಾದನೆ ಬೇಕಾದರೆ ಸುರಕ್ಷಿತವಾಗಿರುವುದು ಎಷ್ಟು ಮುಖ್ಯ ಎಂಬುದನ್ನು ಅರ್ಥಮಾಡಿಕೊಳ್ಳಲು ಸಹಾಯವಾಯಿತು ಎಂದು ಅಭಿಪ್ರಾಯ ವ್ಯಕ್ತಪಡಿಸಿದರು.
ನಿರಾಶ್ರಿತರಿಗೆ ಮಾನಸಿಕ ಸೇವೆ :
ಸರ್ಕಾರೇತರ ಸಂಸ್ಥೆಗಳಿಂದ ಅರ್ಜಿ ಆಹ್ವಾನ
ತುಮಕೂರು(ಕವಾ.)ಜು.7: ಜಿಲ್ಲಾ ಆರೋಗ್ಯ ಮತ್ತು ಕುಟುಂಬ ಕಲ್ಯಾಣ ಇಲಾಖೆಯ ಸರ್ಕಾರೇತರ ಸಂಸ್ಥೆಗಳ ಸಹಯೋಗದಲ್ಲಿ ಜಿಲ್ಲೆಯಲ್ಲಿ ಮಾನಸಿಕ ಅನಾರೋಗ್ಯದಿಂದ ಬಳಲುತ್ತಿರುವ ನಿರಾಶ್ರಿತರು/ಬಡವರಿಗಾಗಿ ವಿವಿಧ ಮಾನಸಿಕ ಆರೋಗ್ಯ ಸೇವೆ (Emergency care Recovery center) ಗಳನ್ನು ಪ್ರಾರಂಭಿಸಲು ಉದ್ದೇಶಿಸಿದ್ದು, ಉಚಿತವಾಗಿ ಮಾನಸಿಕ ಆರೋಗ್ಯ ಸೇವೆಗಳನ್ನು ಒದಗಿಸಲು ಆಸಕ್ತಿಯುಳ್ಳ ಸರ್ಕಾರೇತರ ಸಂಸ್ಥೆಗಳಿಂದ ಇ-ಪೋರ್ಟಲ್ ಮೂಲಕ ಅರ್ಜಿ ಆಹ್ವಾನಿಸಿದೆ. ಸೇವೆಯನ್ನು ಒದಗಿಸಲು ಆಸಕ್ತಿಯುಳ್ಳ ಸರ್ಕಾರೇತರ ಸಂಸ್ಥೆ (NGO) ಗಳೊಂದಿಗೆ ಒಡಂಬಡಿಕೆ (MOU) ಮಾಡಿಕೊಳ್ಳಲು ಕೆಪಿಪಿ ಪೋರ್ಟಲ್ ಮೂಲಕ Expression of
Interest ಆಹ್ವಾನಿಸಲಾಗಿದೆ. ಆಸಕ್ತ ಸಂಸ್ಥೆಗಳು ತಮ್ಮ Expression of Interest ಅನ್ನು ಜುಲೈ 23ರೊಳಗೆ ಸಲ್ಲಿಸಬಹುದಾಗಿದೆ. ಹೆಚ್ಚಿನ ಮಾಹಿತಿಗಾಗಿ ದೂ.ವಾ.ಸಂ. 0816-2278387, ಮೊ.ಸಂ.9448416330 ಅಥವಾ ಕೆಪಿಪಿ ಜಾಲತಾಣವನ್ನು ಸಂಪರ್ಕಿಸಬಹುದಾಗಿದೆ ಎಂದು ಜಿಲ್ಲಾ ಆರೋಗ್ಯ ಮತ್ತು ಕುಟುಂಬ ಕಲ್ಯಾಣಾಧಿಕಾರಿ ಡಾ|| ಚಂದ್ರಶೇಖರ್ ತಿಳಿಸಿದ್ದಾರೆ
ರಕ್ತ ದಾನ ಮಾಡಿ
ಜೀವ ಉಳಿಸಿ
